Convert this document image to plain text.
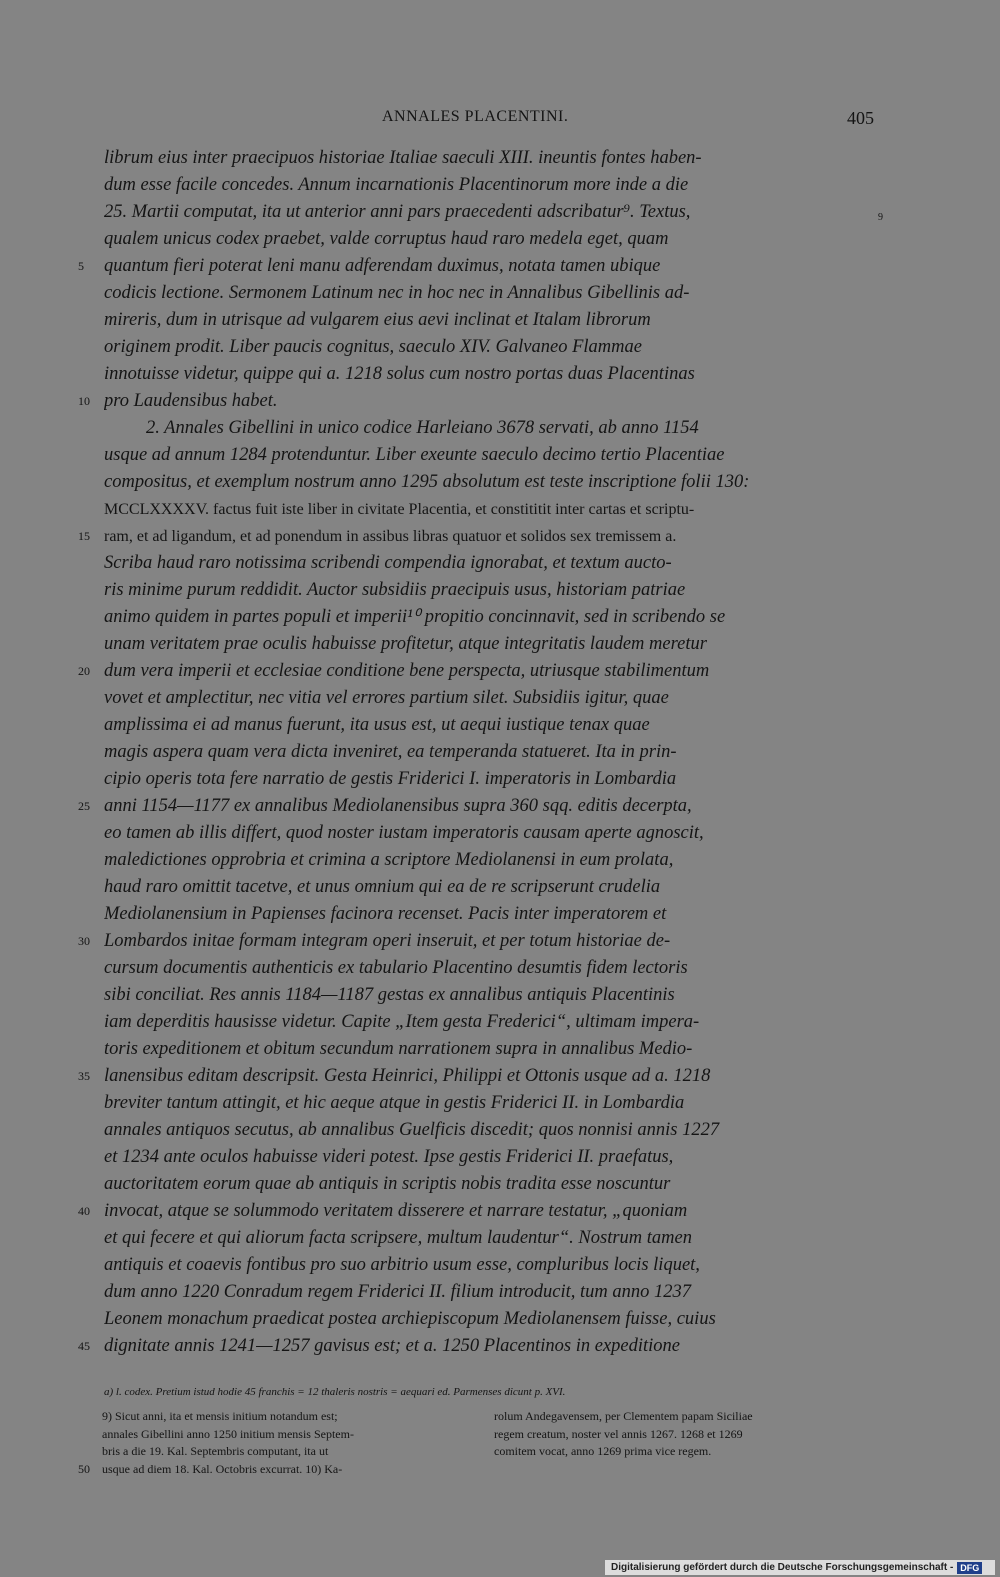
ANNALES PLACENTINI.	405
9
librum eius inter praecipuos historiae Italiae saeculi XIII. ineuntis fontes haben-
dum esse facile concedes. Annum incarnationis Placentinorum more inde a die
25. Martii computat, ita ut anterior anni pars praecedenti adscribatur⁹. Textus,
qualem unicus codex praebet, valde corruptus haud raro medela eget, quam
quantum fieri poterat leni manu adferendam duximus, notata tamen ubique
5
codicis lectione. Sermonem Latinum nec in hoc nec in Annalibus Gibellinis ad-
mireris, dum in utrisque ad vulgarem eius aevi inclinat et Italam librorum
originem prodit. Liber paucis cognitus, saeculo XIV. Galvaneo Flammae
innotuisse videtur, quippe qui a. 1218 solus cum nostro portas duas Placentinas
pro Laudensibus habet.
10
2. Annales Gibellini in unico codice Harleiano 3678 servati, ab anno 1154
usque ad annum 1284 protenduntur. Liber exeunte saeculo decimo tertio Placentiae
compositus, et exemplum nostrum anno 1295 absolutum est teste inscriptione folii 130:
MCCLXXXXV. factus fuit iste liber in civitate Placentia, et constititit inter cartas et scriptu-
ram, et ad ligandum, et ad ponendum in assibus libras quatuor et solidos sex tremissem a.
15
Scriba haud raro notissima scribendi compendia ignorabat, et textum aucto-
ris minime purum reddidit. Auctor subsidiis praecipuis usus, historiam patriae
animo quidem in partes populi et imperii¹⁰ propitio concinnavit, sed in scribendo se
unam veritatem prae oculis habuisse profitetur, atque integritatis laudem meretur
dum vera imperii et ecclesiae conditione bene perspecta, utriusque stabilimentum
20
vovet et amplectitur, nec vitia vel errores partium silet. Subsidiis igitur, quae
amplissima ei ad manus fuerunt, ita usus est, ut aequi iustique tenax quae
magis aspera quam vera dicta inveniret, ea temperanda statueret. Ita in prin-
cipio operis tota fere narratio de gestis Friderici I. imperatoris in Lombardia
anni 1154—1177 ex annalibus Mediolanensibus supra 360 sqq. editis decerpta,
25
eo tamen ab illis differt, quod noster iustam imperatoris causam aperte agnoscit,
maledictiones opprobria et crimina a scriptore Mediolanensi in eum prolata,
haud raro omittit tacetve, et unus omnium qui ea de re scripserunt crudelia
Mediolanensium in Papienses facinora recenset. Pacis inter imperatorem et
Lombardos initae formam integram operi inseruit, et per totum historiae de-
30
cursum documentis authenticis ex tabulario Placentino desumtis fidem lectoris
sibi conciliat. Res annis 1184—1187 gestas ex annalibus antiquis Placentinis
iam deperditis hausisse videtur. Capite „Item gesta Frederici“, ultimam impera-
toris expeditionem et obitum secundum narrationem supra in annalibus Medio-
lanensibus editam descripsit. Gesta Heinrici, Philippi et Ottonis usque ad a. 1218
35
breviter tantum attingit, et hic aeque atque in gestis Friderici II. in Lombardia
annales antiquos secutus, ab annalibus Guelficis discedit; quos nonnisi annis 1227
et 1234 ante oculos habuisse videri potest. Ipse gestis Friderici II. praefatus,
auctoritatem eorum quae ab antiquis in scriptis nobis tradita esse noscuntur
invocat, atque se solummodo veritatem disserere et narrare testatur, „quoniam
40
et qui fecere et qui aliorum facta scripsere, multum laudentur“. Nostrum tamen
antiquis et coaevis fontibus pro suo arbitrio usum esse, compluribus locis liquet,
dum anno 1220 Conradum regem Friderici II. filium introducit, tum anno 1237
Leonem monachum praedicat postea archiepiscopum Mediolanensem fuisse, cuius
dignitate annis 1241—1257 gavisus est; et a. 1250 Placentinos in expeditione
45
a) l. codex. Pretium istud hodie 45 franchis = 12 thaleris nostris = aequari ed. Parmenses dicunt p. XVI.
9) Sicut anni, ita et mensis initium notandum est;
annales Gibellini anno 1250 initium mensis Septem-
bris a die 19. Kal. Septembris computant, ita ut
usque ad diem 18. Kal. Octobris excurrat. 10) Ka-
rolum Andegavensem, per Clementem papam Siciliae
regem creatum, noster vel annis 1267. 1268 et 1269
comitem vocat, anno 1269 prima vice regem.
50
Digitalisierung gefördert durch die Deutsche Forschungsgemeinschaft - DFG
